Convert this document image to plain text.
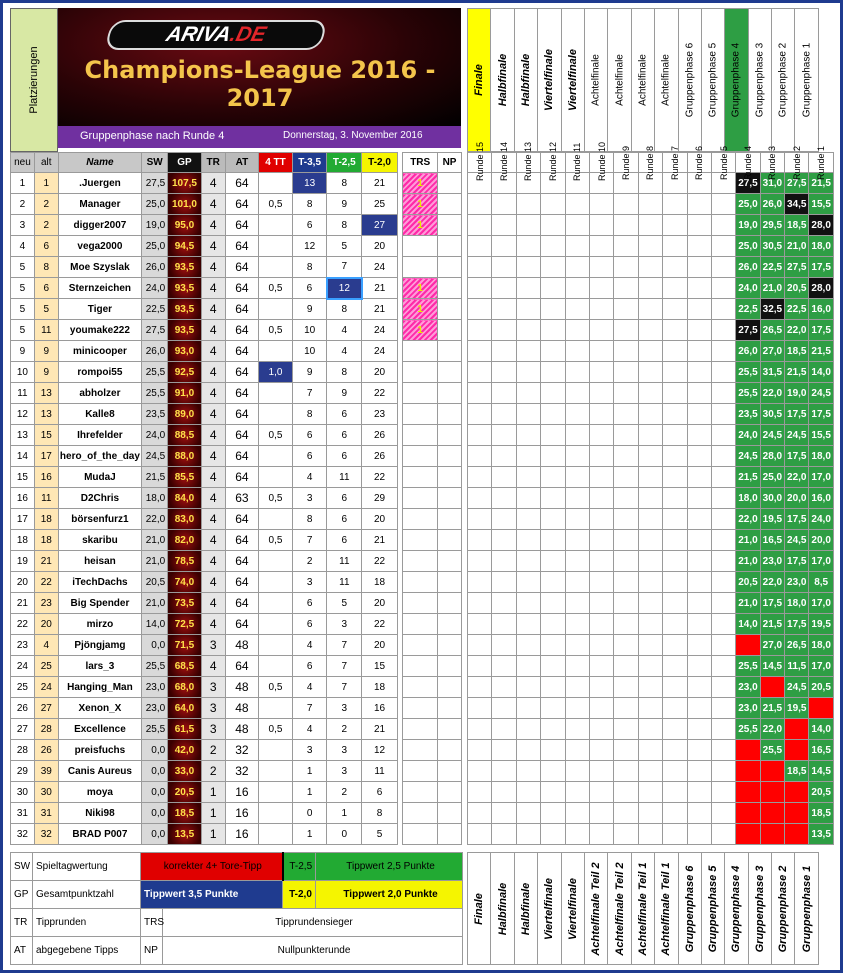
Platzierungen
ARIVA.DE
Champions-League 2016 - 2017
Gruppenphase nach Runde 4	Donnerstag, 3. November 2016
neu	alt	Name	SW	GP	TR	AT	4 TT	T-3,5	T-2,5	T-2,0		TRS	NP
1	1	.Juergen	27,5	107,5	4	64		13	8	21		1	
2	2	Manager	25,0	101,0	4	64	0,5	8	9	25		1	
3	2	digger2007	19,0	95,0	4	64		6	8	27		1	
4	6	vega2000	25,0	94,5	4	64		12	5	20			
5	8	Moe Szyslak	26,0	93,5	4	64		8	7	24			
5	6	Sternzeichen	24,0	93,5	4	64	0,5	6	12	21		1	
5	5	Tiger	22,5	93,5	4	64		9	8	21		1	
5	11	youmake222	27,5	93,5	4	64	0,5	10	4	24		1	
9	9	minicooper	26,0	93,0	4	64		10	4	24			
10	9	rompoi55	25,5	92,5	4	64	1,0	9	8	20			
11	13	abholzer	25,5	91,0	4	64		7	9	22			
12	13	Kalle8	23,5	89,0	4	64		8	6	23			
13	15	Ihrefelder	24,0	88,5	4	64	0,5	6	6	26			
14	17	hero_of_the_day	24,5	88,0	4	64		6	6	26			
15	16	MudaJ	21,5	85,5	4	64		4	11	22			
16	11	D2Chris	18,0	84,0	4	63	0,5	3	6	29			
17	18	börsenfurz1	22,0	83,0	4	64		8	6	20			
18	18	skaribu	21,0	82,0	4	64	0,5	7	6	21			
19	21	heisan	21,0	78,5	4	64		2	11	22			
20	22	iTechDachs	20,5	74,0	4	64		3	11	18			
21	23	Big Spender	21,0	73,5	4	64		6	5	20			
22	20	mirzo	14,0	72,5	4	64		6	3	22			
23	4	Pjöngjamg	0,0	71,5	3	48		4	7	20			
24	25	lars_3	25,5	68,5	4	64		6	7	15			
25	24	Hanging_Man	23,0	68,0	3	48	0,5	4	7	18			
26	27	Xenon_X	23,0	64,0	3	48		7	3	16			
27	28	Excellence	25,5	61,5	3	48	0,5	4	2	21			
28	26	preisfuchs	0,0	42,0	2	32		3	3	12			
29	39	Canis Aureus	0,0	33,0	2	32		1	3	11			
30	30	moya	0,0	20,5	1	16		1	2	6			
31	31	Niki98	0,0	18,5	1	16		0	1	8			
32	32	BRAD P007	0,0	13,5	1	16		1	0	5			
Finale Halbfinale Halbfinale Viertelfinale Viertelfinale Achtelfinale Achtelfinale Achtelfinale Achtelfinale Gruppenphase 6 Gruppenphase 5 Gruppenphase 4 Gruppenphase 3 Gruppenphase 2 Gruppenphase 1
Runde 15	Runde 14	Runde 13	Runde 12	Runde 11	Runde 10	Runde 9	Runde 8	Runde 7	Runde 6	Runde 5	Runde 4	Runde 3	Runde 2	Runde 1

											27,5	31,0	27,5	21,5
											25,0	26,0	34,5	15,5
											19,0	29,5	18,5	28,0
											25,0	30,5	21,0	18,0
											26,0	22,5	27,5	17,5
											24,0	21,0	20,5	28,0
											22,5	32,5	22,5	16,0
											27,5	26,5	22,0	17,5
											26,0	27,0	18,5	21,5
											25,5	31,5	21,5	14,0
											25,5	22,0	19,0	24,5
											23,5	30,5	17,5	17,5
											24,0	24,5	24,5	15,5
											24,5	28,0	17,5	18,0
											21,5	25,0	22,0	17,0
											18,0	30,0	20,0	16,0
											22,0	19,5	17,5	24,0
											21,0	16,5	24,5	20,0
											21,0	23,0	17,5	17,0
											20,5	22,0	23,0	8,5
											21,0	17,5	18,0	17,0
											14,0	21,5	17,5	19,5
												27,0	26,5	18,0
											25,5	14,5	11,5	17,0
											23,0		24,5	20,5
											23,0	21,5	19,5	
											25,5	22,0		14,0
												25,5		16,5
													18,5	14,5
														20,5
														18,5
														13,5
SW	Spieltagwertung	korrekter 4+ Tore-Tipp		T-2,5	Tippwert 2,5 Punkte
GP	Gesamtpunktzahl	Tippwert 3,5 Punkte		T-2,0	Tippwert 2,0 Punkte
TR	Tipprunden	TRS	Tipprundensieger		
AT	abgegebene Tipps	NP	Nullpunkterunde		
Finale Halbfinale Halbfinale Viertelfinale Viertelfinale Achtelfinale Teil 2 Achtelfinale Teil 2 Achtelfinale Teil 1 Achtelfinale Teil 1 Gruppenphase 6 Gruppenphase 5 Gruppenphase 4 Gruppenphase 3 Gruppenphase 2 Gruppenphase 1
